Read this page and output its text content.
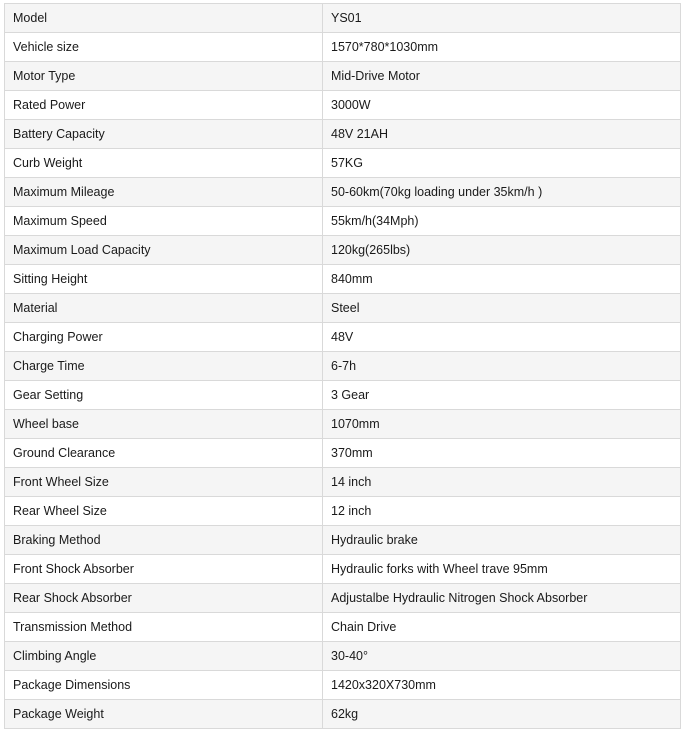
Model	YS01
Vehicle size	1570*780*1030mm
Motor Type	Mid-Drive Motor
Rated Power	3000W
Battery Capacity	48V 21AH
Curb Weight	57KG
Maximum Mileage	50-60km(70kg loading under 35km/h )
Maximum Speed	55km/h(34Mph)
Maximum Load Capacity	120kg(265lbs)
Sitting Height	840mm
Material	Steel
Charging Power	48V
Charge Time	6-7h
Gear Setting	3 Gear
Wheel base	1070mm
Ground Clearance	370mm
Front Wheel Size	14 inch
Rear Wheel Size	12 inch
Braking Method	Hydraulic brake
Front Shock Absorber	Hydraulic forks with Wheel trave 95mm
Rear Shock Absorber	Adjustalbe Hydraulic Nitrogen Shock Absorber
Transmission Method	Chain Drive
Climbing Angle	30-40°
Package Dimensions	1420x320X730mm
Package Weight	62kg
